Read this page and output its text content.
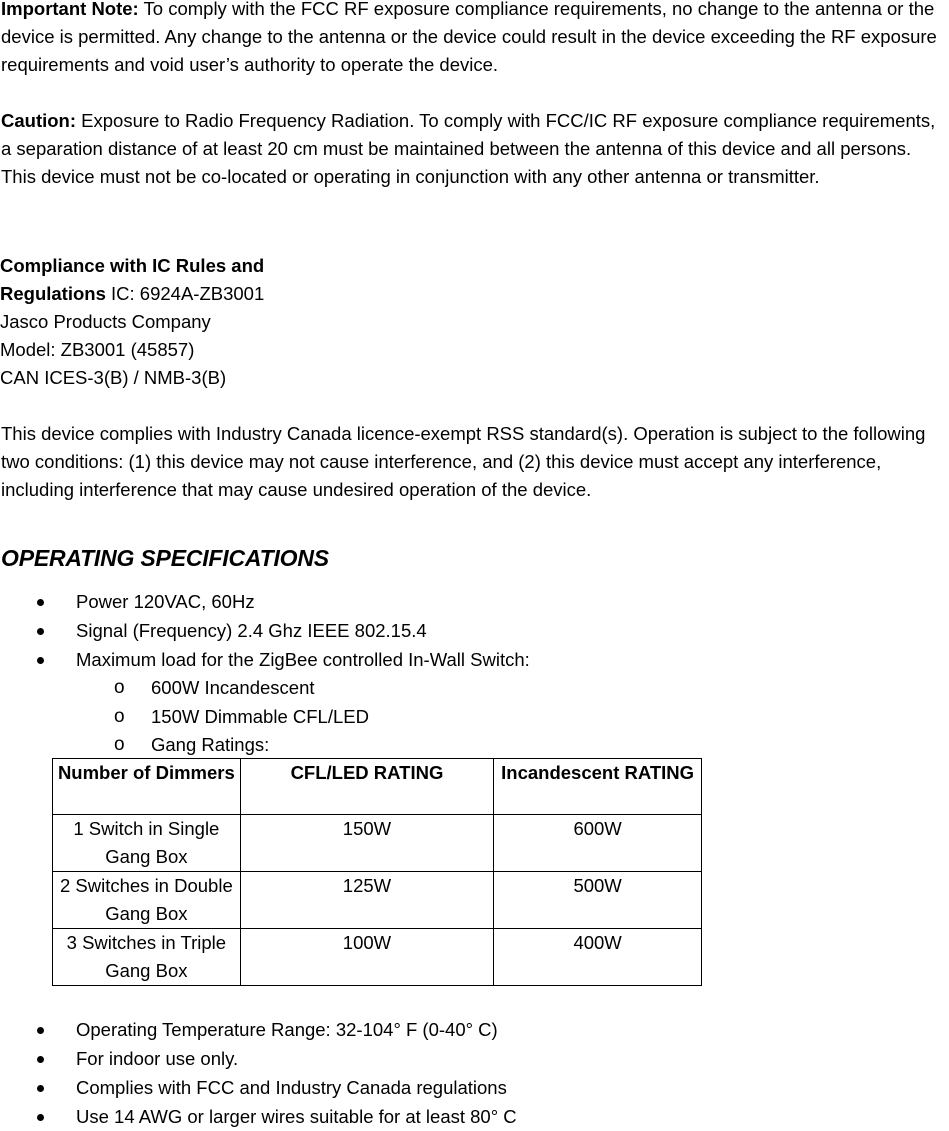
Important Note: To comply with the FCC RF exposure compliance requirements, no change to the antenna or the device is permitted. Any change to the antenna or the device could result in the device exceeding the RF exposure requirements and void user’s authority to operate the device.

Caution: Exposure to Radio Frequency Radiation. To comply with FCC/IC RF exposure compliance requirements, a separation distance of at least 20 cm must be maintained between the antenna of this device and all persons. This device must not be co-located or operating in conjunction with any other antenna or transmitter.

Compliance with IC Rules and

Regulations IC: 6924A-ZB3001

Jasco Products Company

Model: ZB3001 (45857)

CAN ICES-3(B) / NMB-3(B)

This device complies with Industry Canada licence-exempt RSS standard(s). Operation is subject to the following two conditions: (1) this device may not cause interference, and (2) this device must accept any interference, including interference that may cause undesired operation of the device.

OPERATING SPECIFICATIONS
Power 120VAC, 60Hz
Signal (Frequency) 2.4 Ghz IEEE 802.15.4
Maximum load for the ZigBee controlled In-Wall Switch:
o 600W Incandescent
o 150W Dimmable CFL/LED
o Gang Ratings:
Number of Dimmers	CFL/LED RATING	Incandescent RATING
1 Switch in Single Gang Box	150W	600W
2 Switches in Double Gang Box	125W	500W
3 Switches in Triple Gang Box	100W	400W
Operating Temperature Range: 32-104° F (0-40° C)
For indoor use only.
Complies with FCC and Industry Canada regulations
Use 14 AWG or larger wires suitable for at least 80° C
